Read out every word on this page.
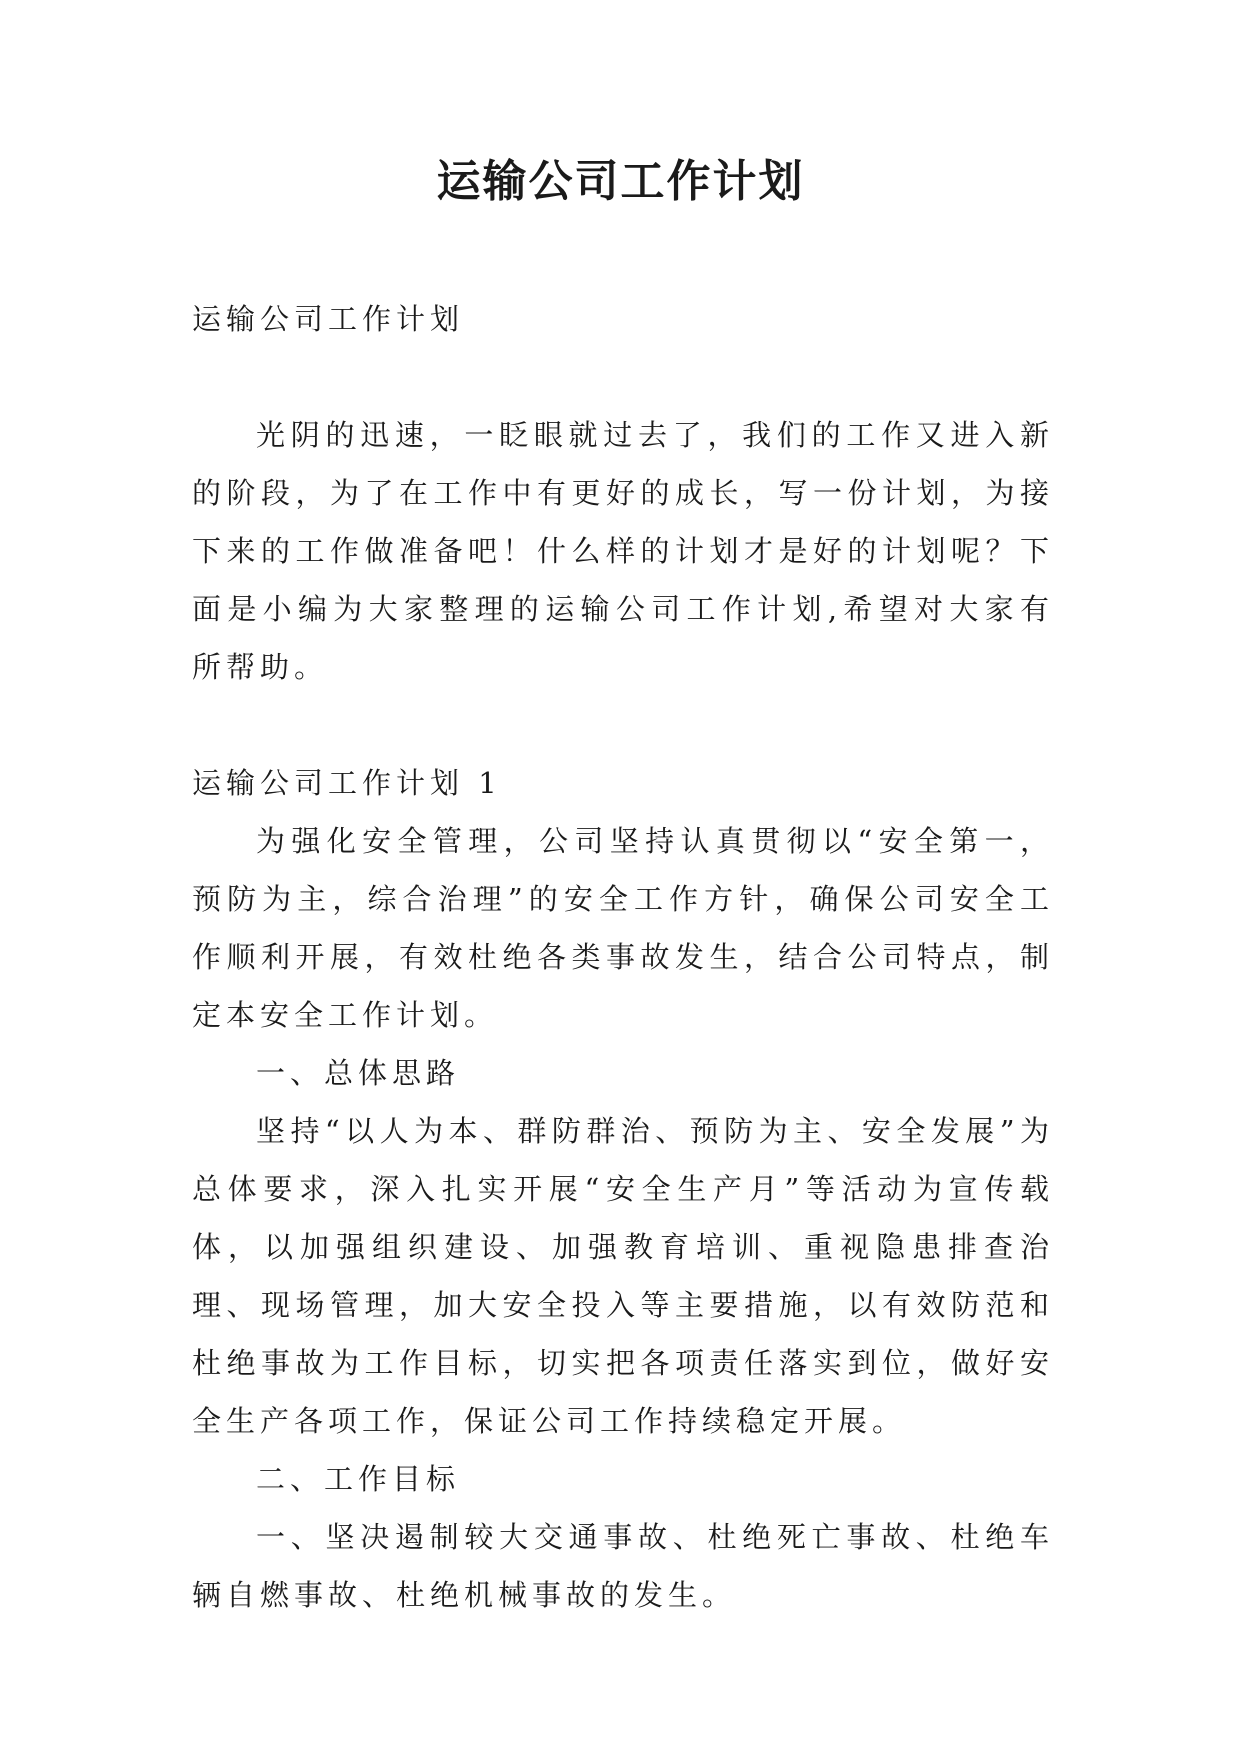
运输公司工作计划

运输公司工作计划

光阴的迅速，一眨眼就过去了，我们的工作又进入新的阶段，为了在工作中有更好的成长，写一份计划，为接下来的工作做准备吧！什么样的计划才是好的计划呢？下面是小编为大家整理的运输公司工作计划,希望对大家有所帮助。

运输公司工作计划 1

为强化安全管理，公司坚持认真贯彻以“安全第一，预防为主，综合治理”的安全工作方针，确保公司安全工作顺利开展，有效杜绝各类事故发生，结合公司特点，制定本安全工作计划。

一、总体思路

坚持“以人为本、群防群治、预防为主、安全发展”为总体要求，深入扎实开展“安全生产月”等活动为宣传载体，以加强组织建设、加强教育培训、重视隐患排查治理、现场管理，加大安全投入等主要措施，以有效防范和杜绝事故为工作目标，切实把各项责任落实到位，做好安全生产各项工作，保证公司工作持续稳定开展。

二、工作目标

一、坚决遏制较大交通事故、杜绝死亡事故、杜绝车辆自燃事故、杜绝机械事故的发生。
